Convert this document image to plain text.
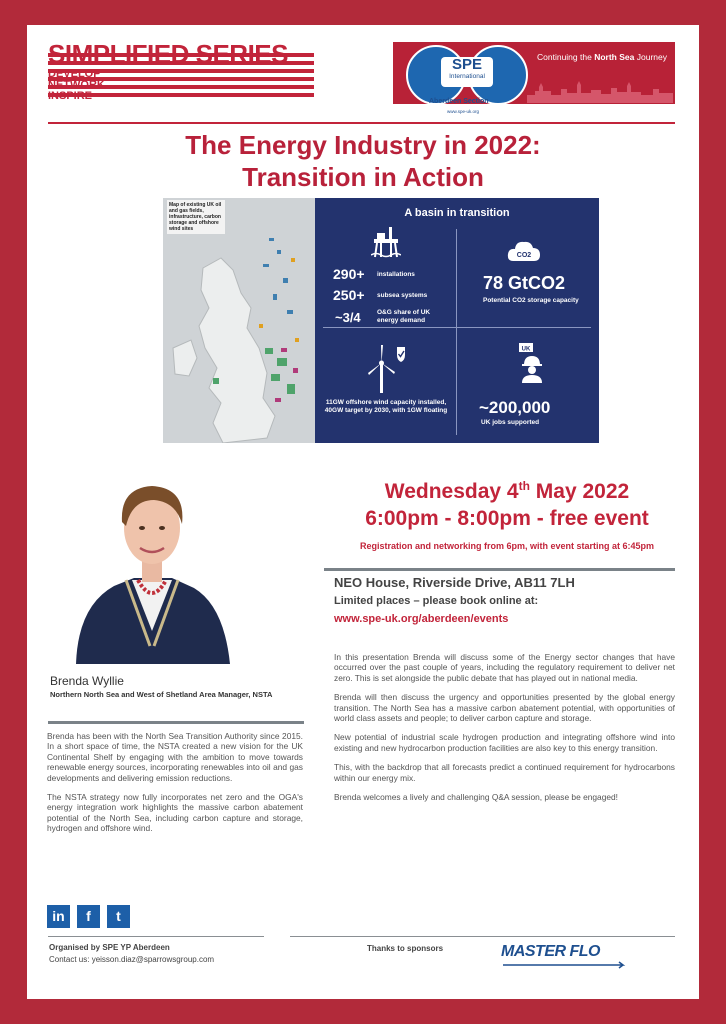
SIMPLIFIED SERIES
DEVELOP
NETWORK
INSPIRE
Continuing the North Sea Journey
SPE
International
Aberdeen Section
www.spe-uk.org
The Energy Industry in 2022:
Transition in Action
Map of existing UK oil and gas fields, infrastructure, carbon storage and offshore wind sites
A basin in transition
290+ installations
250+ subsea systems
~3/4	O&G share of UK energy demand
CO2
78 GtCO2
Potential CO2 storage capacity
11GW offshore wind capacity installed, 40GW target by 2030, with 1GW floating
UK
~200,000
UK jobs supported
Brenda Wyllie
Northern North Sea and West of Shetland Area Manager, NSTA

Brenda has been with the North Sea Transition Authority since 2015. In a short space of time, the NSTA created a new vision for the UK Continental Shelf by engaging with the ambition to move towards renewable energy sources, incorporating renewables into oil and gas developments and delivering emission reductions.

The NSTA strategy now fully incorporates net zero and the OGA's energy integration work highlights the massive carbon abatement potential of the North Sea, including carbon capture and storage, hydrogen and offshore wind.

Wednesday 4th May 2022
6:00pm - 8:00pm - free event
Registration and networking from 6pm, with event starting at 6:45pm
NEO House, Riverside Drive, AB11 7LH
Limited places – please book online at:
www.spe-uk.org/aberdeen/events

In this presentation Brenda will discuss some of the Energy sector changes that have occurred over the past couple of years, including the regulatory requirement to deliver net zero. This is set alongside the public debate that has played out in national media.

Brenda will then discuss the urgency and opportunities presented by the global energy transition. The North Sea has a massive carbon abatement potential, with opportunities of world class assets and people; to deliver carbon capture and storage.

New potential of industrial scale hydrogen production and integrating offshore wind into existing and new hydrocarbon production facilities are also key to this energy transition.

This, with the backdrop that all forecasts predict a continued requirement for hydrocarbons within our energy mix.

Brenda welcomes a lively and challenging Q&A session, please be engaged!

in f t
Organised by SPE YP Aberdeen
Contact us: yeisson.diaz@sparrowsgroup.com
Thanks to sponsors	MASTER FLO
